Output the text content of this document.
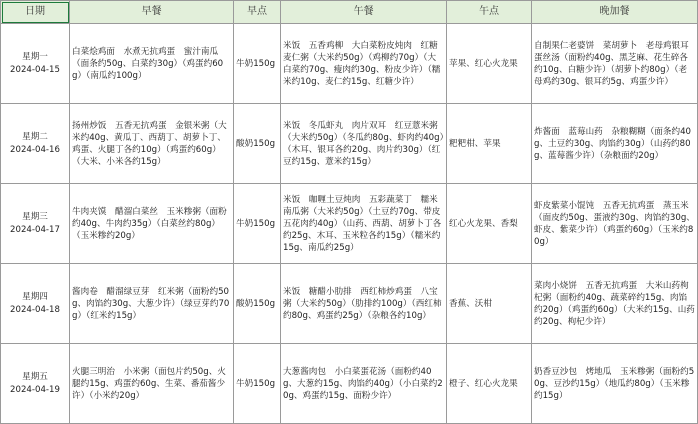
日期	早餐	早点	午餐	午点	晚加餐
星期一
2024-04-15	白菜烩鸡面　水煮无抗鸡蛋　蜜汁南瓜（面条约50g、白菜约30g）（鸡蛋约60g）（南瓜约100g）	牛奶150g	米饭　五香鸡柳　大白菜粉皮炖肉　红糖麦仁粥（大米约50g）（鸡柳约70g）（大白菜约70g、瘦肉约30g、粉皮少许）（糯米约10g、麦仁约15g、红糖少许）	苹果、红心火龙果	自制果仁老婆饼　菜胡萝卜　老母鸡银耳蛋丝汤（面粉约40g、黑芝麻、花生碎各约10g、白糖少许）（胡萝卜约80g）（老母鸡约30g、银耳约5g、鸡蛋少许）
星期二
2024-04-16	扬州炒饭　五香无抗鸡蛋　金银米粥（大米约40g、黄瓜丁、西葫丁、胡萝卜丁、鸡蛋、火腿丁各约10g）（鸡蛋约60g）（大米、小米各约15g）	酸奶150g	米饭　冬瓜虾丸　肉片双耳　红豆薏米粥（大米约50g）（冬瓜约80g、虾肉约40g）（木耳、银耳各约20g、肉片约30g）（红豆约15g、薏米约15g）	粑粑柑、苹果	炸酱面　蓝莓山药　杂粮糊糊（面条约40g、土豆约30g、肉馅约30g）（山药约80g、蓝莓酱少许）（杂粮面约20g）
星期三
2024-04-17	牛肉夹馍　醋溜白菜丝　玉米糁粥（面粉约40g、牛肉约35g）（白菜丝约80g）（玉米糁约20g）	牛奶150g	米饭　咖喱土豆炖肉　五彩蔬菜丁　糯米南瓜粥（大米约50g）（土豆约70g、带皮五花肉约40g）（山药、西葫、胡萝卜丁各约25g、木耳、玉米粒各约15g）（糯米约15g、南瓜约25g）	红心火龙果、香梨	虾皮紫菜小馄饨　五香无抗鸡蛋　蒸玉米（面皮约50g、蛋液约30g、肉馅约30g、虾皮、紫菜少许）（鸡蛋约60g）（玉米约80g）
星期四
2024-04-18	酱肉卷　醋溜绿豆芽　红米粥（面粉约50g、肉馅约30g、大葱少许）（绿豆芽约70g）（红米约15g）	酸奶150g	米饭　糖醋小肋排　西红柿炒鸡蛋　八宝粥（大米约50g）（肋排约100g）（西红柿约80g、鸡蛋约25g）（杂粮各约10g）	香蕉、沃柑	菜肉小烧饼　五香无抗鸡蛋　大米山药枸杞粥（面粉约40g、蔬菜碎约15g、肉馅约20g）（鸡蛋约60g）（大米约15g、山药约20g、枸杞少许）
星期五
2024-04-19	火腿三明治　小米粥（面包片约50g、火腿约15g、鸡蛋约60g、生菜、番茄酱少许）（小米约20g）	牛奶150g	大葱酱肉包　小白菜蛋花汤（面粉约40g、大葱约15g、肉馅约40g）（小白菜约20g、鸡蛋约15g、面粉少许）	橙子、红心火龙果	奶香豆沙包　烤地瓜　玉米糁粥（面粉约50g、豆沙约15g）（地瓜约80g）（玉米糁约15g）
